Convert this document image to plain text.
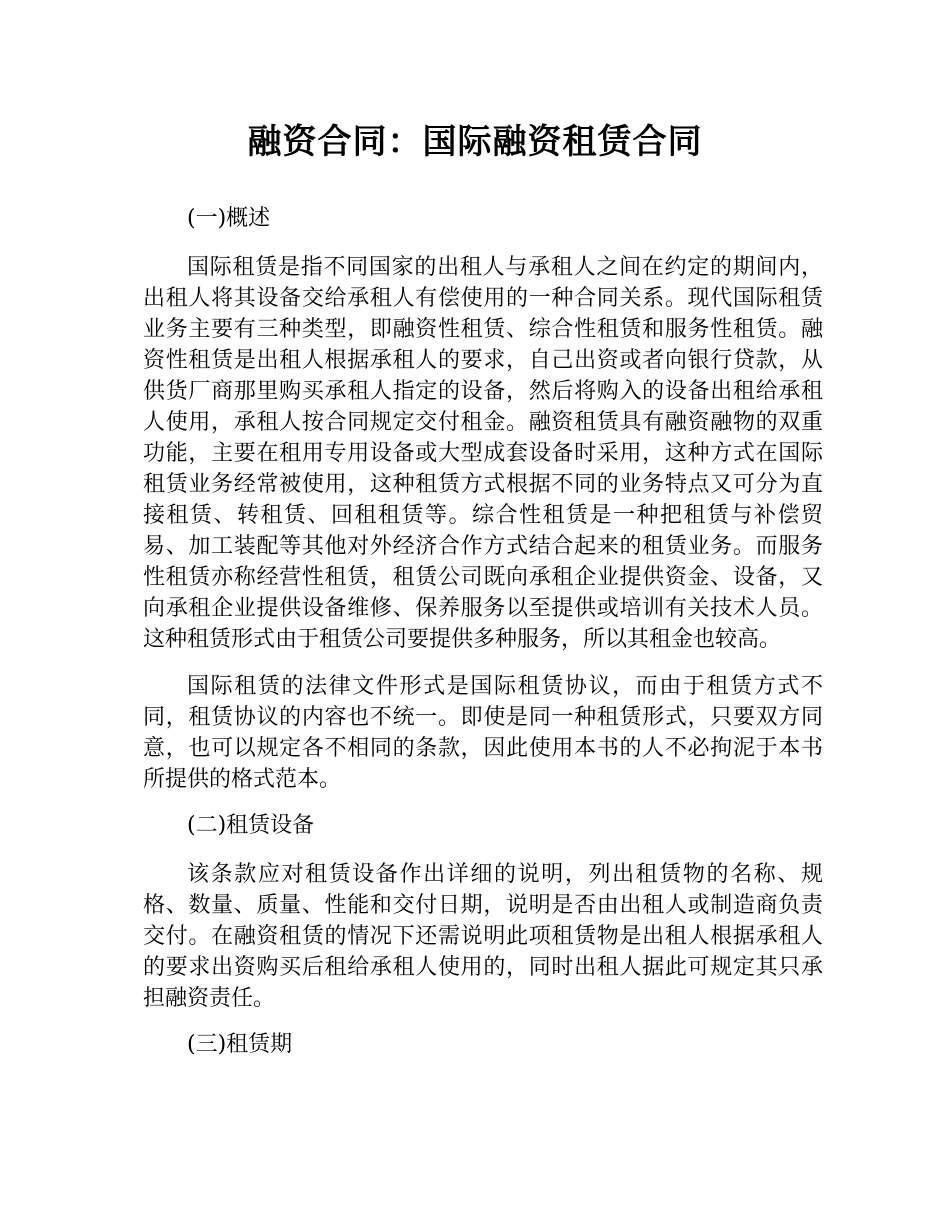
融资合同：国际融资租赁合同
(一)概述

国际租赁是指不同国家的出租人与承租人之间在约定的期间内，出租人将其设备交给承租人有偿使用的一种合同关系。现代国际租赁业务主要有三种类型，即融资性租赁、综合性租赁和服务性租赁。融资性租赁是出租人根据承租人的要求，自己出资或者向银行贷款，从供货厂商那里购买承租人指定的设备，然后将购入的设备出租给承租人使用，承租人按合同规定交付租金。融资租赁具有融资融物的双重功能，主要在租用专用设备或大型成套设备时采用，这种方式在国际租赁业务经常被使用，这种租赁方式根据不同的业务特点又可分为直接租赁、转租赁、回租租赁等。综合性租赁是一种把租赁与补偿贸易、加工装配等其他对外经济合作方式结合起来的租赁业务。而服务性租赁亦称经营性租赁，租赁公司既向承租企业提供资金、设备，又向承租企业提供设备维修、保养服务以至提供或培训有关技术人员。这种租赁形式由于租赁公司要提供多种服务，所以其租金也较高。

国际租赁的法律文件形式是国际租赁协议，而由于租赁方式不同，租赁协议的内容也不统一。即使是同一种租赁形式，只要双方同意，也可以规定各不相同的条款，因此使用本书的人不必拘泥于本书所提供的格式范本。

(二)租赁设备

该条款应对租赁设备作出详细的说明，列出租赁物的名称、规格、数量、质量、性能和交付日期，说明是否由出租人或制造商负责交付。在融资租赁的情况下还需说明此项租赁物是出租人根据承租人的要求出资购买后租给承租人使用的，同时出租人据此可规定其只承担融资责任。

(三)租赁期
